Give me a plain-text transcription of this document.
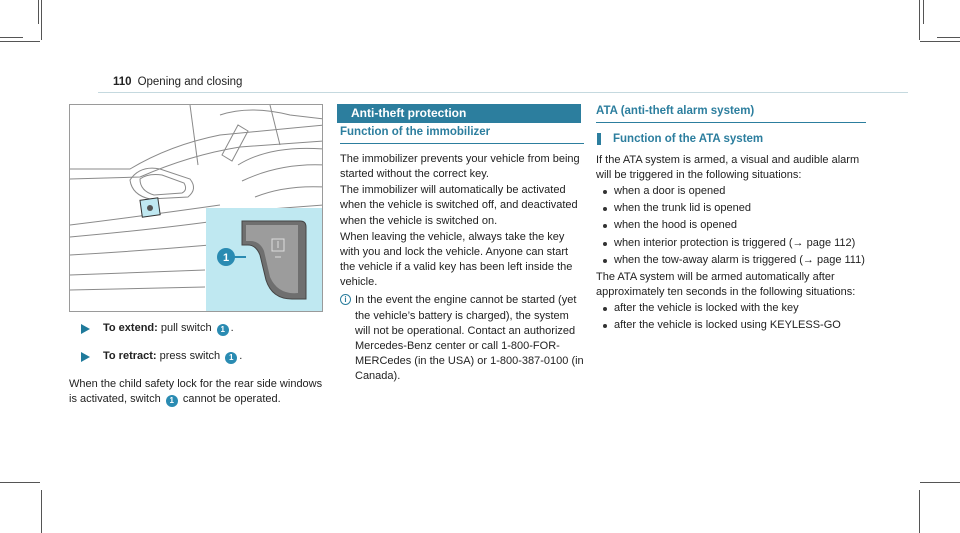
110 Opening and closing
1
To extend: pull switch 1 .
To retract: press switch 1 .

When the child safety lock for the rear side windows is activated, switch 1 cannot be operated.

Anti-theft protection
Function of the immobilizer

The immobilizer prevents your vehicle from being started without the correct key.

The immobilizer will automatically be activated when the vehicle is switched off, and deactivated when the vehicle is switched on.

When leaving the vehicle, always take the key with you and lock the vehicle. Anyone can start the vehicle if a valid key has been left inside the vehicle.

i In the event the engine cannot be started (yet the vehicle’s battery is charged), the system will not be operational. Contact an authorized Mercedes-Benz center or call 1-800-FOR-MERCedes (in the USA) or 1-800-387-0100 (in Canada).
ATA (anti-theft alarm system)
Function of the ATA system

If the ATA system is armed, a visual and audible alarm will be triggered in the following situations:

when a door is opened
when the trunk lid is opened
when the hood is opened
when interior protection is triggered (→ page 112)
when the tow-away alarm is triggered (→ page 111)

The ATA system will be armed automatically after approximately ten seconds in the following situations:

after the vehicle is locked with the key
after the vehicle is locked using KEYLESS-GO
